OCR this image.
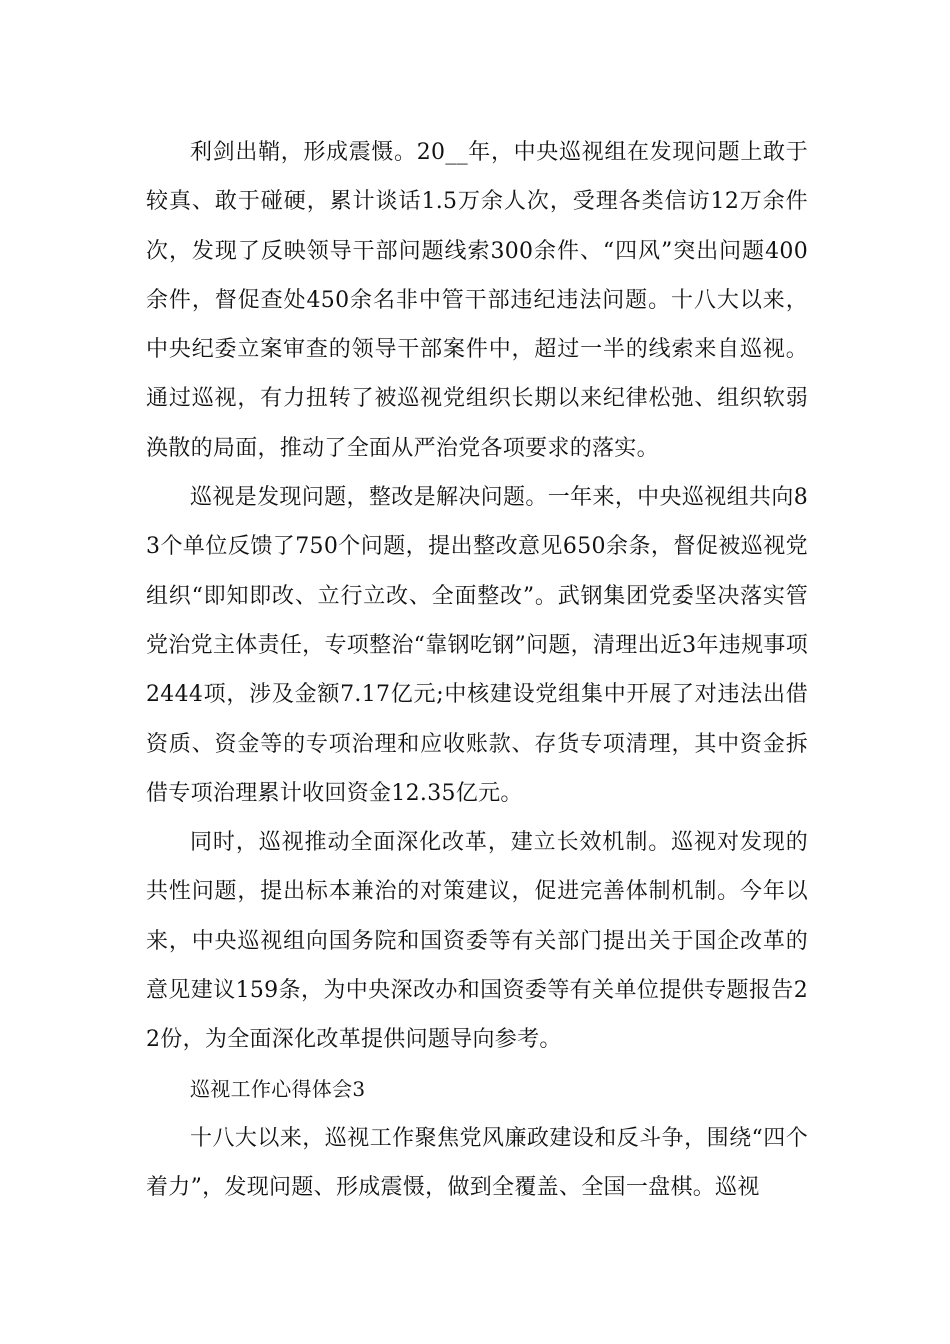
利剑出鞘，形成震慑。20__年，中央巡视组在发现问题上敢于较真、敢于碰硬，累计谈话1.5万余人次，受理各类信访12万余件次，发现了反映领导干部问题线索300余件、“四风”突出问题400余件，督促查处450余名非中管干部违纪违法问题。十八大以来，中央纪委立案审查的领导干部案件中，超过一半的线索来自巡视。通过巡视，有力扭转了被巡视党组织长期以来纪律松弛、组织软弱涣散的局面，推动了全面从严治党各项要求的落实。

巡视是发现问题，整改是解决问题。一年来，中央巡视组共向83个单位反馈了750个问题，提出整改意见650余条，督促被巡视党组织“即知即改、立行立改、全面整改”。武钢集团党委坚决落实管党治党主体责任，专项整治“靠钢吃钢”问题，清理出近3年违规事项2444项，涉及金额7.17亿元;中核建设党组集中开展了对违法出借资质、资金等的专项治理和应收账款、存货专项清理，其中资金拆借专项治理累计收回资金12.35亿元。

同时，巡视推动全面深化改革，建立长效机制。巡视对发现的共性问题，提出标本兼治的对策建议，促进完善体制机制。今年以来，中央巡视组向国务院和国资委等有关部门提出关于国企改革的意见建议159条，为中央深改办和国资委等有关单位提供专题报告22份，为全面深化改革提供问题导向参考。

巡视工作心得体会3

十八大以来，巡视工作聚焦党风廉政建设和反斗争，围绕“四个着力”，发现问题、形成震慑，做到全覆盖、全国一盘棋。巡视
